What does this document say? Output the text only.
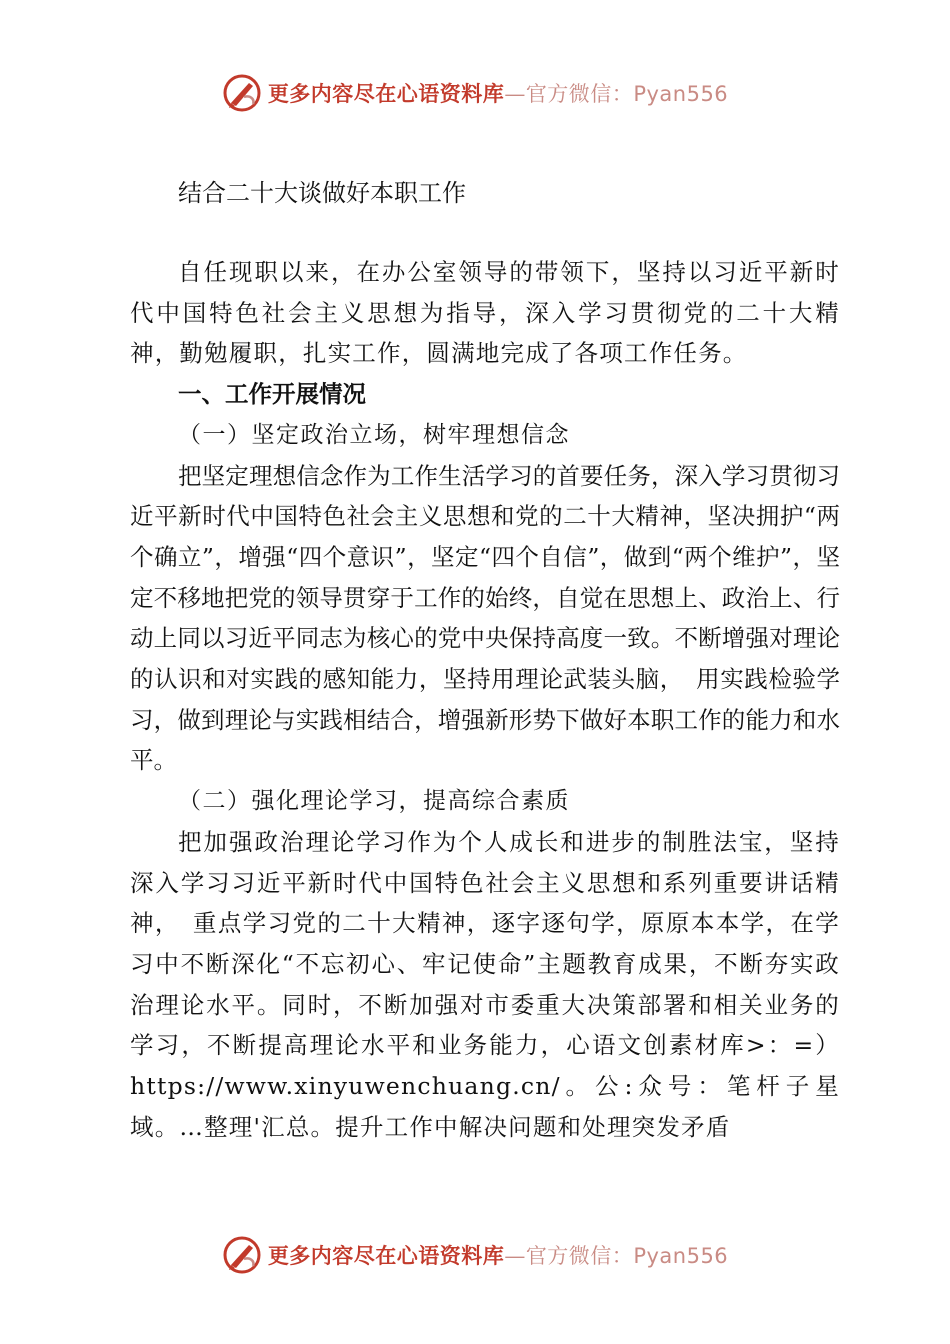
更多内容尽在心语资料库—官方微信：Pyan556
结合二十大谈做好本职工作

自任现职以来，在办公室领导的带领下，坚持以习近平新时代中国特色社会主义思想为指导，深入学习贯彻党的二十大精神，勤勉履职，扎实工作，圆满地完成了各项工作任务。

一、工作开展情况
（一）坚定政治立场，树牢理想信念

把坚定理想信念作为工作生活学习的首要任务，深入学习贯彻习近平新时代中国特色社会主义思想和党的二十大精神，坚决拥护“两个确立”，增强“四个意识”，坚定“四个自信”，做到“两个维护”，坚定不移地把党的领导贯穿于工作的始终，自觉在思想上、政治上、行动上同以习近平同志为核心的党中央保持高度一致。不断增强对理论的认识和对实践的感知能力，坚持用理论武装头脑，　用实践检验学习，做到理论与实践相结合，增强新形势下做好本职工作的能力和水平。

（二）强化理论学习，提高综合素质

把加强政治理论学习作为个人成长和进步的制胜法宝，坚持深入学习习近平新时代中国特色社会主义思想和系列重要讲话精神，　重点学习党的二十大精神，逐字逐句学，原原本本学，在学习中不断深化“不忘初心、牢记使命”主题教育成果，不断夯实政治理论水平。同时，不断加强对市委重大决策部署和相关业务的学习，不断提高理论水平和业务能力，心语文创素材库>：=）https://www.xinyuwenchuang.cn/。公:众号：笔杆子星域。…整理'汇总。提升工作中解决问题和处理突发矛盾

更多内容尽在心语资料库—官方微信：Pyan556
